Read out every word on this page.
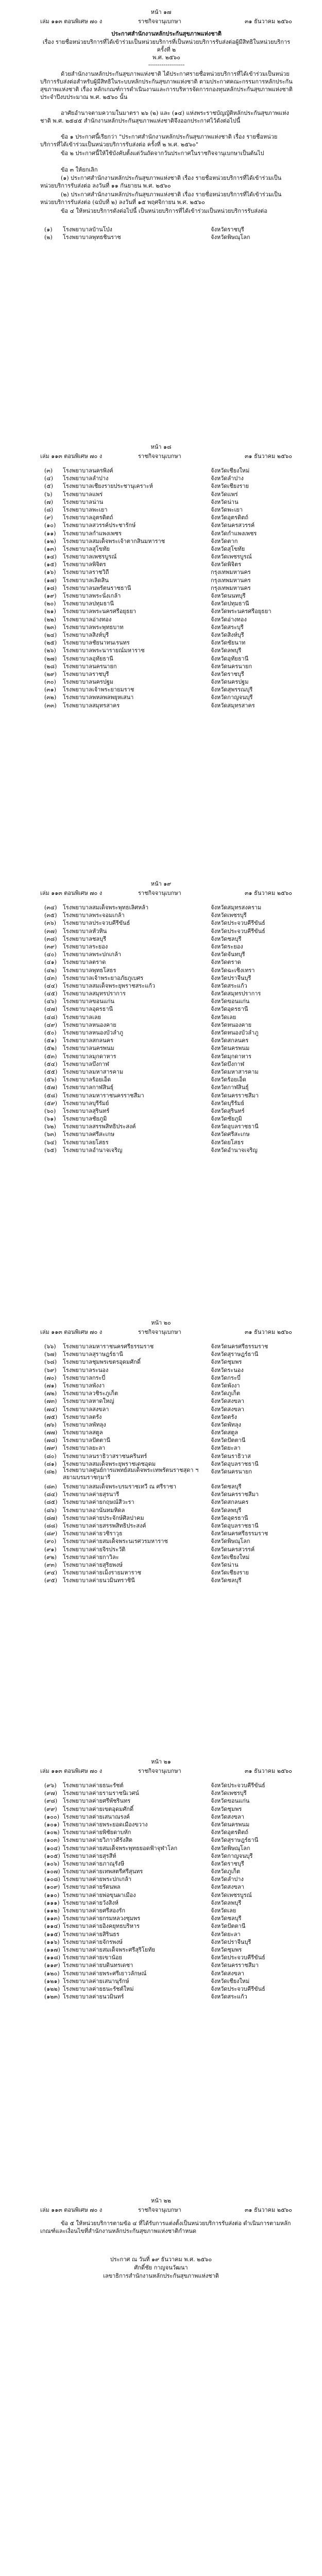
หน้า ๑๗
เล่ม ๑๑๓ ตอนพิเศษ ๗๐ ง	ราชกิจจานุเบกษา	๓๑ ธันวาคม ๒๕๖๐
ประกาศสำนักงานหลักประกันสุขภาพแห่งชาติ
เรื่อง รายชื่อหน่วยบริการที่ได้เข้าร่วมเป็นหน่วยบริการที่เป็นหน่วยบริการรับส่งต่อผู้มีสิทธิในหน่วยบริการ ครั้งที่ ๒
พ.ศ. ๒๕๖๐
-------------------
ด้วยสำนักงานหลักประกันสุขภาพแห่งชาติ ได้ประกาศรายชื่อหน่วยบริการที่ได้เข้าร่วมเป็นหน่วยบริการรับส่งต่อสำหรับผู้มีสิทธิในระบบหลักประกันสุขภาพแห่งชาติ ตามประกาศคณะกรรมการหลักประกันสุขภาพแห่งชาติ เรื่อง หลักเกณฑ์การดำเนินงานและการบริหารจัดการกองทุนหลักประกันสุขภาพแห่งชาติ ประจำปีงบประมาณ พ.ศ. ๒๕๖๐ นั้น
อาศัยอำนาจตามความในมาตรา ๒๖ (๒) และ (๑๔) แห่งพระราชบัญญัติหลักประกันสุขภาพแห่งชาติ พ.ศ. ๒๕๔๕ สำนักงานหลักประกันสุขภาพแห่งชาติจึงออกประกาศไว้ดังต่อไปนี้
ข้อ ๑ ประกาศนี้เรียกว่า "ประกาศสำนักงานหลักประกันสุขภาพแห่งชาติ เรื่อง รายชื่อหน่วยบริการที่ได้เข้าร่วมเป็นหน่วยบริการรับส่งต่อ ครั้งที่ ๒ พ.ศ. ๒๕๖๐"
ข้อ ๒ ประกาศนี้ให้ใช้บังคับตั้งแต่วันถัดจากวันประกาศในราชกิจจานุเบกษาเป็นต้นไป
ข้อ ๓ ให้ยกเลิก
(๑) ประกาศสำนักงานหลักประกันสุขภาพแห่งชาติ เรื่อง รายชื่อหน่วยบริการที่ได้เข้าร่วมเป็นหน่วยบริการรับส่งต่อ ลงวันที่ ๑๑ กันยายน พ.ศ. ๒๕๖๐
(๒) ประกาศสำนักงานหลักประกันสุขภาพแห่งชาติ เรื่อง รายชื่อหน่วยบริการที่ได้เข้าร่วมเป็นหน่วยบริการรับส่งต่อ (ฉบับที่ ๒) ลงวันที่ ๑๕ พฤศจิกายน พ.ศ. ๒๕๖๐
ข้อ ๔ ให้หน่วยบริการดังต่อไปนี้ เป็นหน่วยบริการที่ได้เข้าร่วมเป็นหน่วยบริการรับส่งต่อ
(๑)	โรงพยาบาลบ้านโป่ง	จังหวัดราชบุรี
(๒)	โรงพยาบาลพุทธชินราช	จังหวัดพิษณุโลก
หน้า ๑๘
เล่ม ๑๑๓ ตอนพิเศษ ๗๐ ง	ราชกิจจานุเบกษา	๓๑ ธันวาคม ๒๕๖๐
(๓)	โรงพยาบาลนครพิงค์	จังหวัดเชียงใหม่
(๔)	โรงพยาบาลลำปาง	จังหวัดลำปาง
(๕)	โรงพยาบาลเชียงรายประชานุเคราะห์	จังหวัดเชียงราย
(๖)	โรงพยาบาลแพร่	จังหวัดแพร่
(๗)	โรงพยาบาลน่าน	จังหวัดน่าน
(๘)	โรงพยาบาลพะเยา	จังหวัดพะเยา
(๙)	โรงพยาบาลอุตรดิตถ์	จังหวัดอุตรดิตถ์
(๑๐)	โรงพยาบาลสวรรค์ประชารักษ์	จังหวัดนครสวรรค์
(๑๑)	โรงพยาบาลกำแพงเพชร	จังหวัดกำแพงเพชร
(๑๒)	โรงพยาบาลสมเด็จพระเจ้าตากสินมหาราช	จังหวัดตาก
(๑๓)	โรงพยาบาลสุโขทัย	จังหวัดสุโขทัย
(๑๔)	โรงพยาบาลเพชรบูรณ์	จังหวัดเพชรบูรณ์
(๑๕)	โรงพยาบาลพิจิตร	จังหวัดพิจิตร
(๑๖)	โรงพยาบาลราชวิถี	กรุงเทพมหานคร
(๑๗)	โรงพยาบาลเลิดสิน	กรุงเทพมหานคร
(๑๘)	โรงพยาบาลนพรัตนราชธานี	กรุงเทพมหานคร
(๑๙)	โรงพยาบาลพระนั่งเกล้า	จังหวัดนนทบุรี
(๒๐)	โรงพยาบาลปทุมธานี	จังหวัดปทุมธานี
(๒๑)	โรงพยาบาลพระนครศรีอยุธยา	จังหวัดพระนครศรีอยุธยา
(๒๒)	โรงพยาบาลอ่างทอง	จังหวัดอ่างทอง
(๒๓)	โรงพยาบาลพระพุทธบาท	จังหวัดสระบุรี
(๒๔)	โรงพยาบาลสิงห์บุรี	จังหวัดสิงห์บุรี
(๒๕)	โรงพยาบาลชัยนาทนเรนทร	จังหวัดชัยนาท
(๒๖)	โรงพยาบาลพระนารายณ์มหาราช	จังหวัดลพบุรี
(๒๗)	โรงพยาบาลอุทัยธานี	จังหวัดอุทัยธานี
(๒๘)	โรงพยาบาลนครนายก	จังหวัดนครนายก
(๒๙)	โรงพยาบาลราชบุรี	จังหวัดราชบุรี
(๓๐)	โรงพยาบาลนครปฐม	จังหวัดนครปฐม
(๓๑)	โรงพยาบาลเจ้าพระยายมราช	จังหวัดสุพรรณบุรี
(๓๒)	โรงพยาบาลพหลพลพยุหเสนา	จังหวัดกาญจนบุรี
(๓๓)	โรงพยาบาลสมุทรสาคร	จังหวัดสมุทรสาคร
หน้า ๑๙
เล่ม ๑๑๓ ตอนพิเศษ ๗๐ ง	ราชกิจจานุเบกษา	๓๑ ธันวาคม ๒๕๖๐
(๓๔)	โรงพยาบาลสมเด็จพระพุทธเลิศหล้า	จังหวัดสมุทรสงคราม
(๓๕)	โรงพยาบาลพระจอมเกล้า	จังหวัดเพชรบุรี
(๓๖)	โรงพยาบาลประจวบคีรีขันธ์	จังหวัดประจวบคีรีขันธ์
(๓๗)	โรงพยาบาลหัวหิน	จังหวัดประจวบคีรีขันธ์
(๓๘)	โรงพยาบาลชลบุรี	จังหวัดชลบุรี
(๓๙)	โรงพยาบาลระยอง	จังหวัดระยอง
(๔๐)	โรงพยาบาลพระปกเกล้า	จังหวัดจันทบุรี
(๔๑)	โรงพยาบาลตราด	จังหวัดตราด
(๔๒)	โรงพยาบาลพุทธโสธร	จังหวัดฉะเชิงเทรา
(๔๓)	โรงพยาบาลเจ้าพระยาอภัยภูเบศร	จังหวัดปราจีนบุรี
(๔๔) โรงพยาบาลสมเด็จพระยุพราชสระแก้ว	จังหวัดสระแก้ว
(๔๕) โรงพยาบาลสมุทรปราการ	จังหวัดสมุทรปราการ
(๔๖)	โรงพยาบาลขอนแก่น	จังหวัดขอนแก่น
(๔๗) โรงพยาบาลอุดรธานี	จังหวัดอุดรธานี
(๔๘) โรงพยาบาลเลย	จังหวัดเลย
(๔๙)	โรงพยาบาลหนองคาย	จังหวัดหนองคาย
(๕๐)	โรงพยาบาลหนองบัวลำภู	จังหวัดหนองบัวลำภู
(๕๑)	โรงพยาบาลสกลนคร	จังหวัดสกลนคร
(๕๒)	โรงพยาบาลนครพนม	จังหวัดนครพนม
(๕๓)	โรงพยาบาลมุกดาหาร	จังหวัดมุกดาหาร
(๕๔) โรงพยาบาลบึงกาฬ	จังหวัดบึงกาฬ
(๕๕) โรงพยาบาลมหาสารคาม	จังหวัดมหาสารคาม
(๕๖)	โรงพยาบาลร้อยเอ็ด	จังหวัดร้อยเอ็ด
(๕๗) โรงพยาบาลกาฬสินธุ์	จังหวัดกาฬสินธุ์
(๕๘) โรงพยาบาลมหาราชนครราชสีมา	จังหวัดนครราชสีมา
(๕๙)	โรงพยาบาลบุรีรัมย์	จังหวัดบุรีรัมย์
(๖๐)	โรงพยาบาลสุรินทร์	จังหวัดสุรินทร์
(๖๑)	โรงพยาบาลชัยภูมิ	จังหวัดชัยภูมิ
(๖๒)	โรงพยาบาลสรรพสิทธิประสงค์	จังหวัดอุบลราชธานี
(๖๓)	โรงพยาบาลศรีสะเกษ	จังหวัดศรีสะเกษ
(๖๔)	โรงพยาบาลยโสธร	จังหวัดยโสธร
(๖๕)	โรงพยาบาลอำนาจเจริญ	จังหวัดอำนาจเจริญ
หน้า ๒๐
เล่ม ๑๑๓ ตอนพิเศษ ๗๐ ง	ราชกิจจานุเบกษา	๓๑ ธันวาคม ๒๕๖๐
(๖๖)	โรงพยาบาลมหาราชนครศรีธรรมราช	จังหวัดนครศรีธรรมราช
(๖๗)	โรงพยาบาลสุราษฎร์ธานี	จังหวัดสุราษฎร์ธานี
(๖๘)	โรงพยาบาลชุมพรเขตรอุดมศักดิ์	จังหวัดชุมพร
(๖๙)	โรงพยาบาลระนอง	จังหวัดระนอง
(๗๐)	โรงพยาบาลกระบี่	จังหวัดกระบี่
(๗๑)	โรงพยาบาลพังงา	จังหวัดพังงา
(๗๒)	โรงพยาบาลวชิระภูเก็ต	จังหวัดภูเก็ต
(๗๓)	โรงพยาบาลหาดใหญ่	จังหวัดสงขลา
(๗๔) โรงพยาบาลสงขลา	จังหวัดสงขลา
(๗๕) โรงพยาบาลตรัง	จังหวัดตรัง
(๗๖)	โรงพยาบาลพัทลุง	จังหวัดพัทลุง
(๗๗) โรงพยาบาลสตูล	จังหวัดสตูล
(๗๘) โรงพยาบาลปัตตานี	จังหวัดปัตตานี
(๗๙)	โรงพยาบาลยะลา	จังหวัดยะลา
(๘๐)	โรงพยาบาลนราธิวาสราชนครินทร์	จังหวัดนราธิวาส
(๘๑)	โรงพยาบาลสมเด็จพระยุพราชเดชอุดม	จังหวัดอุบลราชธานี
(๘๒)	โรงพยาบาลศูนย์การแพทย์สมเด็จพระเทพรัตนราชสุดา ฯ สยามบรมราชกุมารี
จังหวัดนครนายก
(๘๓)	โรงพยาบาลสมเด็จพระบรมราชเทวี ณ ศรีราชา	จังหวัดชลบุรี
(๘๔) โรงพยาบาลค่ายสุรนารี	จังหวัดนครราชสีมา
(๘๕) โรงพยาบาลค่ายกฤษณ์สีวะรา	จังหวัดสกลนคร
(๘๖)	โรงพยาบาลอานันทมหิดล	จังหวัดลพบุรี
(๘๗) โรงพยาบาลค่ายประจักษ์ศิลปาคม	จังหวัดอุดรธานี
(๘๘) โรงพยาบาลค่ายสรรพสิทธิประสงค์	จังหวัดอุบลราชธานี
(๘๙) โรงพยาบาลค่ายวชิราวุธ	จังหวัดนครศรีธรรมราช
(๙๐)	โรงพยาบาลค่ายสมเด็จพระนเรศวรมหาราช	จังหวัดพิษณุโลก
(๙๑)	โรงพยาบาลค่ายจิรประวัติ	จังหวัดนครสวรรค์
(๙๒)	โรงพยาบาลค่ายกาวิละ	จังหวัดเชียงใหม่
(๙๓)	โรงพยาบาลค่ายสุริยพงษ์	จังหวัดน่าน
(๙๔)	โรงพยาบาลค่ายเม็งรายมหาราช	จังหวัดเชียงราย
(๙๕)	โรงพยาบาลค่ายนวมินทราชินี	จังหวัดชลบุรี
หน้า ๒๑
เล่ม ๑๑๓ ตอนพิเศษ ๗๐ ง	ราชกิจจานุเบกษา	๓๑ ธันวาคม ๒๕๖๐
(๙๖)	โรงพยาบาลค่ายธนะรัชต์	จังหวัดประจวบคีรีขันธ์
(๙๗)	โรงพยาบาลค่ายรามราชนิเวศน์	จังหวัดเพชรบุรี
(๙๘) โรงพยาบาลค่ายศรีพัชรินทร	จังหวัดขอนแก่น
(๙๙)	โรงพยาบาลค่ายเขตอุดมศักดิ์	จังหวัดชุมพร
(๑๐๐) โรงพยาบาลค่ายเสนาณรงค์	จังหวัดสงขลา
(๑๐๑) โรงพยาบาลค่ายพระยอดเมืองขวาง	จังหวัดนครพนม
(๑๐๒) โรงพยาบาลค่ายพิชัยดาบหัก	จังหวัดอุตรดิตถ์
(๑๐๓) โรงพยาบาลค่ายวิภาวดีรังสิต	จังหวัดสุราษฎร์ธานี
(๑๐๔) โรงพยาบาลค่ายสมเด็จพระพุทธยอดฟ้าจุฬาโลก	จังหวัดพิษณุโลก
(๑๐๕) โรงพยาบาลค่ายสุรสีห์	จังหวัดกาญจนบุรี
(๑๐๖) โรงพยาบาลค่ายภาณุรังษี	จังหวัดราชบุรี
(๑๐๗) โรงพยาบาลค่ายเทพสตรีศรีสุนทร	จังหวัดภูเก็ต
(๑๐๘) โรงพยาบาลค่ายพระปกเกล้า	จังหวัดลำปาง
(๑๐๙) โรงพยาบาลค่ายรัตนพล	จังหวัดสงขลา
(๑๑๐) โรงพยาบาลค่ายพ่อขุนผาเมือง	จังหวัดเพชรบูรณ์
(๑๑๑) โรงพยาบาลค่ายวังสิงห์	จังหวัดลพบุรี
(๑๑๒) โรงพยาบาลค่ายศรีสองรัก	จังหวัดเลย
(๑๑๓) โรงพยาบาลค่ายกรมหลวงชุมพร	จังหวัดชลบุรี
(๑๑๔) โรงพยาบาลค่ายอิงคยุทธบริหาร	จังหวัดปัตตานี
(๑๑๕) โรงพยาบาลค่ายสิรินธร	จังหวัดยะลา
(๑๑๖) โรงพยาบาลค่ายจักรพงษ์	จังหวัดปราจีนบุรี
(๑๑๗) โรงพยาบาลค่ายสมเด็จพระศรีสุริโยทัย	จังหวัดชุมพร
(๑๑๘) โรงพยาบาลค่ายเขาน้อย	จังหวัดประจวบคีรีขันธ์
(๑๑๙) โรงพยาบาลค่ายบดินทรเดชา	จังหวัดนครราชสีมา
(๑๒๐) โรงพยาบาลค่ายพระศรีเยาวลักษณ์	จังหวัดสงขลา
(๑๒๑) โรงพยาบาลค่ายเสนานุรักษ์	จังหวัดเชียงใหม่
(๑๒๒) โรงพยาบาลค่ายธนะรัชต์ใหม่	จังหวัดประจวบคีรีขันธ์
(๑๒๓) โรงพยาบาลค่ายนวมินทร์	จังหวัดสระแก้ว
หน้า ๒๒
เล่ม ๑๑๓ ตอนพิเศษ ๗๐ ง	ราชกิจจานุเบกษา	๓๑ ธันวาคม ๒๕๖๐
ข้อ ๕ ให้หน่วยบริการตามข้อ ๔ ที่ได้รับการแต่งตั้งเป็นหน่วยบริการรับส่งต่อ ดำเนินการตามหลักเกณฑ์และเงื่อนไขที่สำนักงานหลักประกันสุขภาพแห่งชาติกำหนด
ประกาศ ณ วันที่ ๑๙ ธันวาคม พ.ศ. ๒๕๖๐
ศักดิ์ชัย กาญจนวัฒนา
เลขาธิการสำนักงานหลักประกันสุขภาพแห่งชาติ
